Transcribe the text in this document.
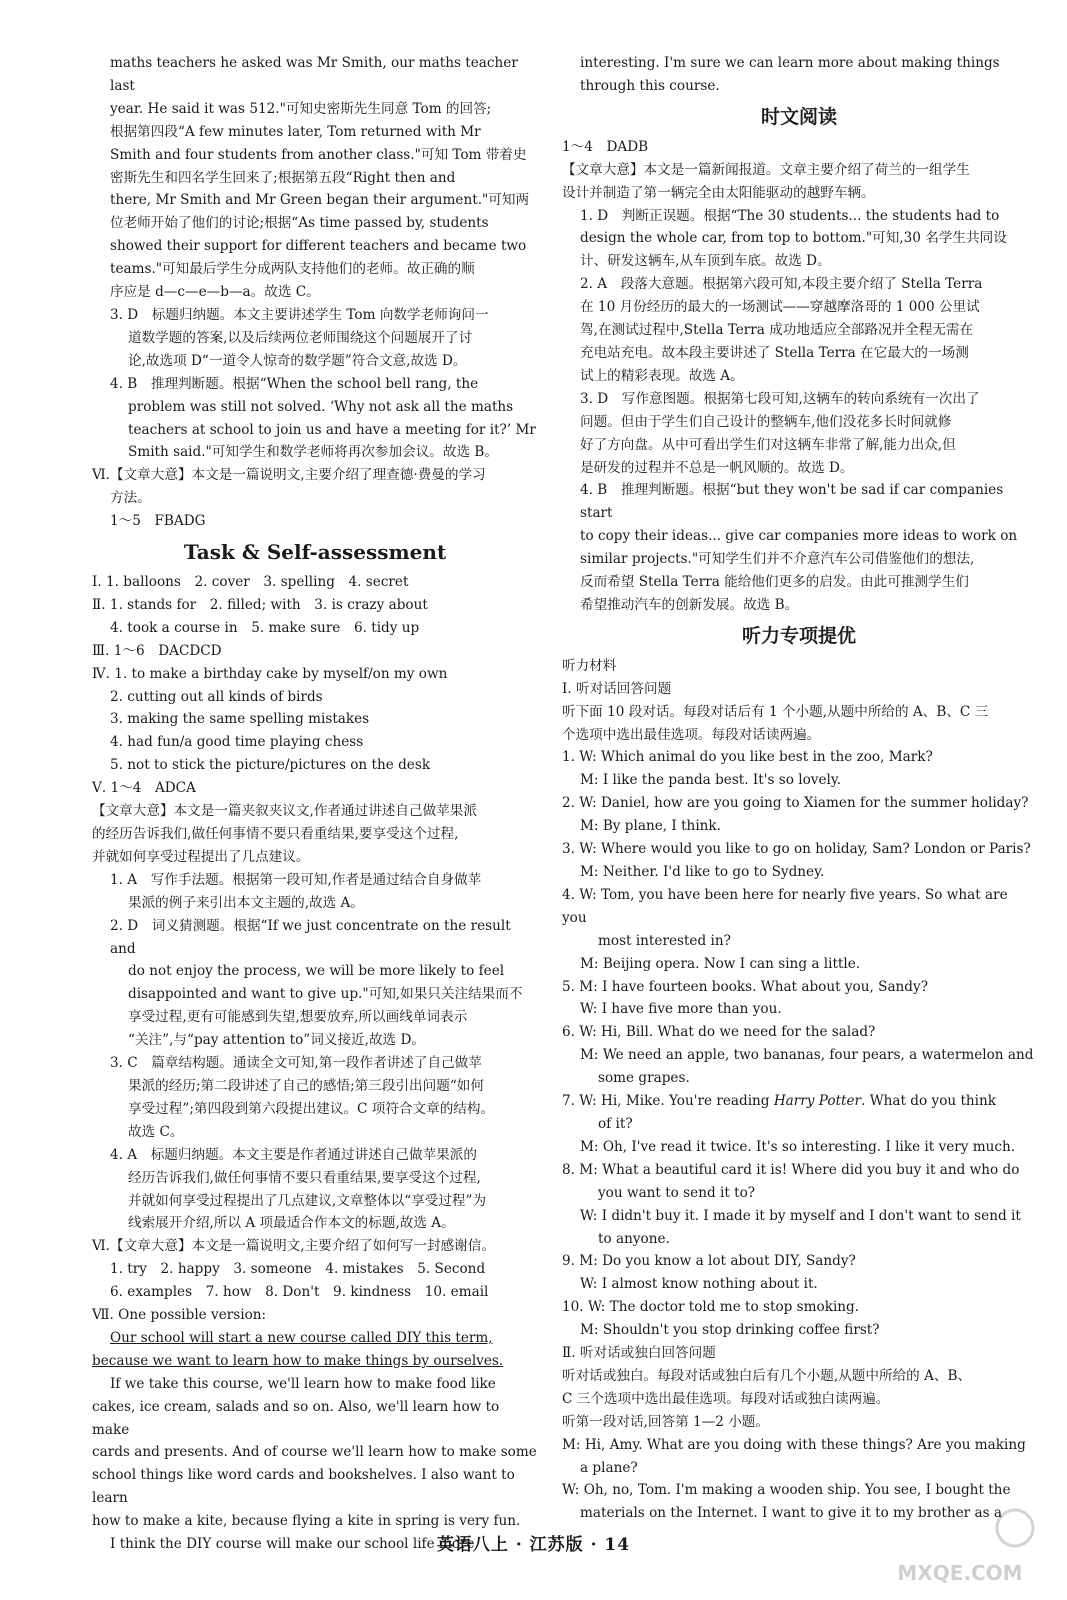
maths teachers he asked was Mr Smith, our maths teacher last

year. He said it was 512."可知史密斯先生同意 Tom 的回答;

根据第四段“A few minutes later, Tom returned with Mr

Smith and four students from another class."可知 Tom 带着史

密斯先生和四名学生回来了;根据第五段“Right then and

there, Mr Smith and Mr Green began their argument."可知两

位老师开始了他们的讨论;根据“As time passed by, students

showed their support for different teachers and became two

teams."可知最后学生分成两队支持他们的老师。故正确的顺

序应是 d—c—e—b—a。故选 C。

3. D　标题归纳题。本文主要讲述学生 Tom 向数学老师询问一

道数学题的答案,以及后续两位老师围绕这个问题展开了讨

论,故选项 D“一道令人惊奇的数学题”符合文意,故选 D。

4. B　推理判断题。根据“When the school bell rang, the

problem was still not solved. ‘Why not ask all the maths

teachers at school to join us and have a meeting for it?’ Mr

Smith said."可知学生和数学老师将再次参加会议。故选 B。

Ⅵ.【文章大意】本文是一篇说明文,主要介绍了理查德·费曼的学习

方法。

1～5　FBADG

Task & Self-assessment

Ⅰ. 1. balloons　2. cover　3. spelling　4. secret

Ⅱ. 1. stands for　2. filled; with　3. is crazy about

4. took a course in　5. make sure　6. tidy up

Ⅲ. 1～6　DACDCD

Ⅳ. 1. to make a birthday cake by myself/on my own

2. cutting out all kinds of birds

3. making the same spelling mistakes

4. had fun/a good time playing chess

5. not to stick the picture/pictures on the desk

Ⅴ. 1～4　ADCA

【文章大意】本文是一篇夹叙夹议文,作者通过讲述自己做苹果派

的经历告诉我们,做任何事情不要只看重结果,要享受这个过程,

并就如何享受过程提出了几点建议。

1. A　写作手法题。根据第一段可知,作者是通过结合自身做苹

果派的例子来引出本文主题的,故选 A。

2. D　词义猜测题。根据“If we just concentrate on the result and

do not enjoy the process, we will be more likely to feel

disappointed and want to give up."可知,如果只关注结果而不

享受过程,更有可能感到失望,想要放弃,所以画线单词表示

“关注”,与“pay attention to”词义接近,故选 D。

3. C　篇章结构题。通读全文可知,第一段作者讲述了自己做苹

果派的经历;第二段讲述了自己的感悟;第三段引出问题“如何

享受过程”;第四段到第六段提出建议。C 项符合文章的结构。

故选 C。

4. A　标题归纳题。本文主要是作者通过讲述自己做苹果派的

经历告诉我们,做任何事情不要只看重结果,要享受这个过程,

并就如何享受过程提出了几点建议,文章整体以“享受过程”为

线索展开介绍,所以 A 项最适合作本文的标题,故选 A。

Ⅵ.【文章大意】本文是一篇说明文,主要介绍了如何写一封感谢信。

1. try　2. happy　3. someone　4. mistakes　5. Second

6. examples　7. how　8. Don't　9. kindness　10. email

Ⅶ. One possible version:

Our school will start a new course called DIY this term,

because we want to learn how to make things by ourselves.

If we take this course, we'll learn how to make food like

cakes, ice cream, salads and so on. Also, we'll learn how to make

cards and presents. And of course we'll learn how to make some

school things like word cards and bookshelves. I also want to learn

how to make a kite, because flying a kite in spring is very fun.

I think the DIY course will make our school life more

interesting. I'm sure we can learn more about making things

through this course.

时文阅读

1～4　DADB

【文章大意】本文是一篇新闻报道。文章主要介绍了荷兰的一组学生

设计并制造了第一辆完全由太阳能驱动的越野车辆。

1. D　判断正误题。根据“The 30 students... the students had to

design the whole car, from top to bottom."可知,30 名学生共同设

计、研发这辆车,从车顶到车底。故选 D。

2. A　段落大意题。根据第六段可知,本段主要介绍了 Stella Terra

在 10 月份经历的最大的一场测试——穿越摩洛哥的 1 000 公里试

驾,在测试过程中,Stella Terra 成功地适应全部路况并全程无需在

充电站充电。故本段主要讲述了 Stella Terra 在它最大的一场测

试上的精彩表现。故选 A。

3. D　写作意图题。根据第七段可知,这辆车的转向系统有一次出了

问题。但由于学生们自己设计的整辆车,他们没花多长时间就修

好了方向盘。从中可看出学生们对这辆车非常了解,能力出众,但

是研发的过程并不总是一帆风顺的。故选 D。

4. B　推理判断题。根据“but they won't be sad if car companies start

to copy their ideas... give car companies more ideas to work on

similar projects."可知学生们并不介意汽车公司借鉴他们的想法,

反而希望 Stella Terra 能给他们更多的启发。由此可推测学生们

希望推动汽车的创新发展。故选 B。

听力专项提优

听力材料

Ⅰ. 听对话回答问题

听下面 10 段对话。每段对话后有 1 个小题,从题中所给的 A、B、C 三

个选项中选出最佳选项。每段对话读两遍。

1. W: Which animal do you like best in the zoo, Mark?

M: I like the panda best. It's so lovely.

2. W: Daniel, how are you going to Xiamen for the summer holiday?

M: By plane, I think.

3. W: Where would you like to go on holiday, Sam? London or Paris?

M: Neither. I'd like to go to Sydney.

4. W: Tom, you have been here for nearly five years. So what are you

most interested in?

M: Beijing opera. Now I can sing a little.

5. M: I have fourteen books. What about you, Sandy?

W: I have five more than you.

6. W: Hi, Bill. What do we need for the salad?

M: We need an apple, two bananas, four pears, a watermelon and

some grapes.

7. W: Hi, Mike. You're reading Harry Potter. What do you think

of it?

M: Oh, I've read it twice. It's so interesting. I like it very much.

8. M: What a beautiful card it is! Where did you buy it and who do

you want to send it to?

W: I didn't buy it. I made it by myself and I don't want to send it

to anyone.

9. M: Do you know a lot about DIY, Sandy?

W: I almost know nothing about it.

10. W: The doctor told me to stop smoking.

M: Shouldn't you stop drinking coffee first?

Ⅱ. 听对话或独白回答问题

听对话或独白。每段对话或独白后有几个小题,从题中所给的 A、B、

C 三个选项中选出最佳选项。每段对话或独白读两遍。

听第一段对话,回答第 1—2 小题。

M: Hi, Amy. What are you doing with these things? Are you making

a plane?

W: Oh, no, Tom. I'm making a wooden ship. You see, I bought the

materials on the Internet. I want to give it to my brother as a

英语八上 · 江苏版 · 14
MXQE.COM
